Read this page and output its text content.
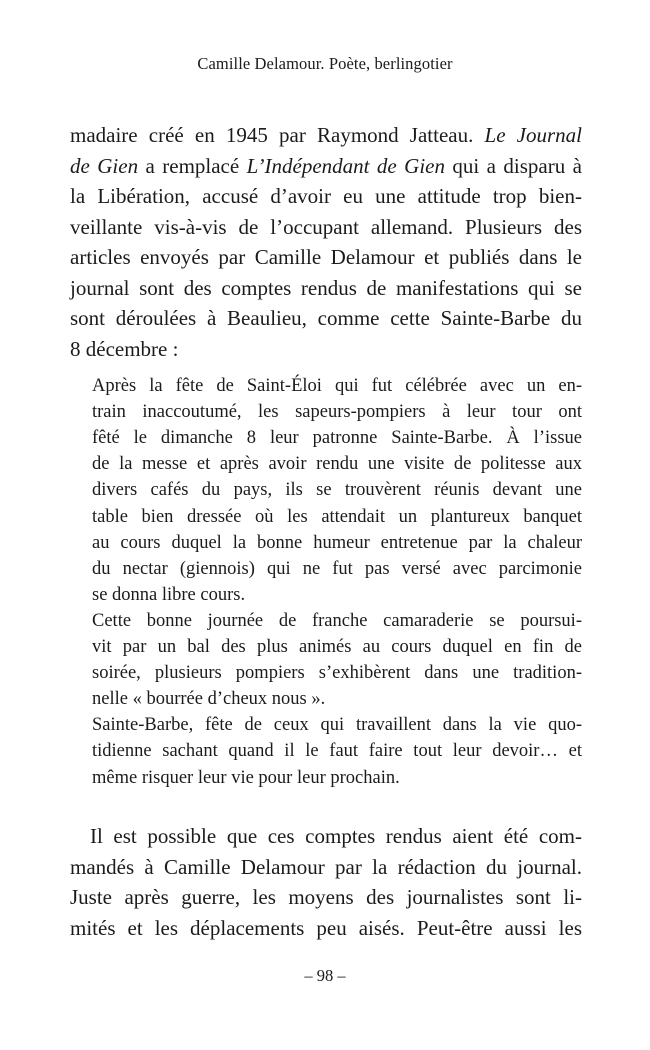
Camille Delamour. Poète, berlingotier
madaire créé en 1945 par Raymond Jatteau. Le Journal
de Gien a remplacé L’Indépendant de Gien qui a disparu à
la Libération, accusé d’avoir eu une attitude trop bien-
veillante vis-à-vis de l’occupant allemand. Plusieurs des
articles envoyés par Camille Delamour et publiés dans le
journal sont des comptes rendus de manifestations qui se
sont déroulées à Beaulieu, comme cette Sainte-Barbe du
8 décembre :
Après la fête de Saint-Éloi qui fut célébrée avec un en-
train inaccoutumé, les sapeurs-pompiers à leur tour ont
fêté le dimanche 8 leur patronne Sainte-Barbe. À l’issue
de la messe et après avoir rendu une visite de politesse aux
divers cafés du pays, ils se trouvèrent réunis devant une
table bien dressée où les attendait un plantureux banquet
au cours duquel la bonne humeur entretenue par la chaleur
du nectar (giennois) qui ne fut pas versé avec parcimonie
se donna libre cours.
Cette bonne journée de franche camaraderie se poursui-
vit par un bal des plus animés au cours duquel en fin de
soirée, plusieurs pompiers s’exhibèrent dans une tradition-
nelle « bourrée d’cheux nous ».
Sainte-Barbe, fête de ceux qui travaillent dans la vie quo-
tidienne sachant quand il le faut faire tout leur devoir… et
même risquer leur vie pour leur prochain.
Il est possible que ces comptes rendus aient été com-
mandés à Camille Delamour par la rédaction du journal.
Juste après guerre, les moyens des journalistes sont li-
mités et les déplacements peu aisés. Peut-être aussi les
– 98 –
